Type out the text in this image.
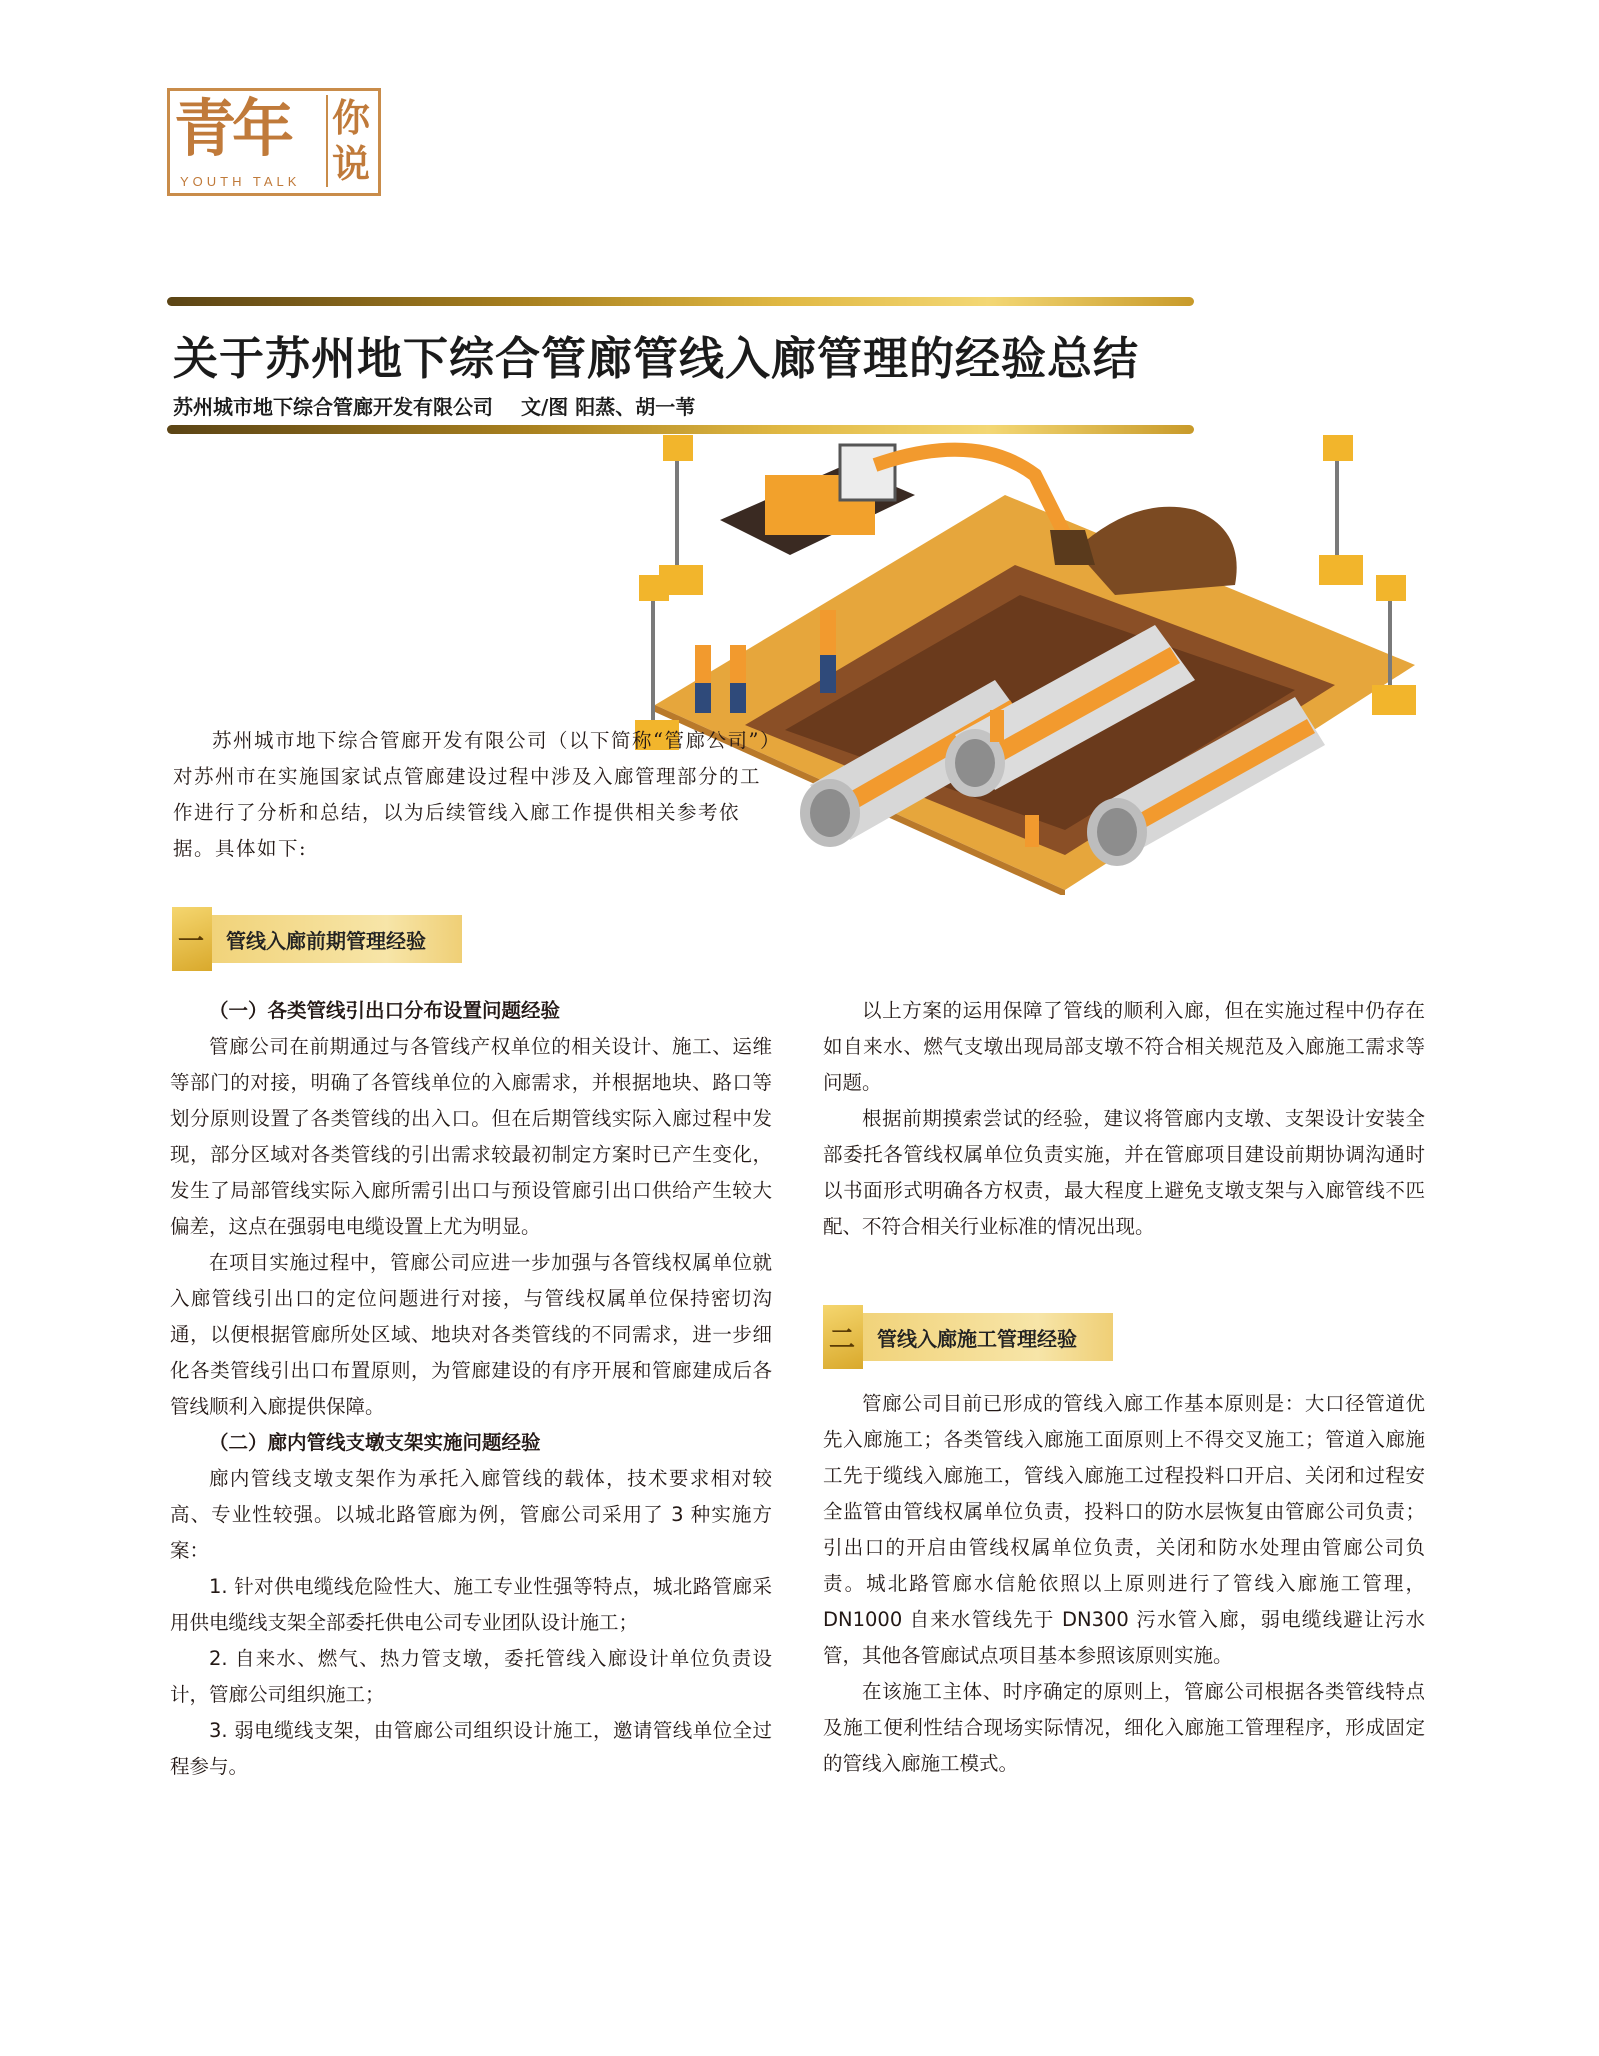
青年 你
说
YOUTH TALK
关于苏州地下综合管廊管线入廊管理的经验总结
苏州城市地下综合管廊开发有限公司 文/图 阳蒸、胡一苇

苏州城市地下综合管廊开发有限公司（以下简称“管廊公司”）对苏州市在实施国家试点管廊建设过程中涉及入廊管理部分的工作进行了分析和总结，以为后续管线入廊工作提供相关参考依据。具体如下:

一 管线入廊前期管理经验

（一）各类管线引出口分布设置问题经验

管廊公司在前期通过与各管线产权单位的相关设计、施工、运维等部门的对接，明确了各管线单位的入廊需求，并根据地块、路口等划分原则设置了各类管线的出入口。但在后期管线实际入廊过程中发现，部分区域对各类管线的引出需求较最初制定方案时已产生变化，发生了局部管线实际入廊所需引出口与预设管廊引出口供给产生较大偏差，这点在强弱电电缆设置上尤为明显。

在项目实施过程中，管廊公司应进一步加强与各管线权属单位就入廊管线引出口的定位问题进行对接，与管线权属单位保持密切沟通，以便根据管廊所处区域、地块对各类管线的不同需求，进一步细化各类管线引出口布置原则，为管廊建设的有序开展和管廊建成后各管线顺利入廊提供保障。

（二）廊内管线支墩支架实施问题经验

廊内管线支墩支架作为承托入廊管线的载体，技术要求相对较高、专业性较强。以城北路管廊为例，管廊公司采用了 3 种实施方案：

1. 针对供电缆线危险性大、施工专业性强等特点，城北路管廊采用供电缆线支架全部委托供电公司专业团队设计施工；

2. 自来水、燃气、热力管支墩，委托管线入廊设计单位负责设计，管廊公司组织施工；

3. 弱电缆线支架，由管廊公司组织设计施工，邀请管线单位全过程参与。

以上方案的运用保障了管线的顺利入廊，但在实施过程中仍存在如自来水、燃气支墩出现局部支墩不符合相关规范及入廊施工需求等问题。

根据前期摸索尝试的经验，建议将管廊内支墩、支架设计安装全部委托各管线权属单位负责实施，并在管廊项目建设前期协调沟通时以书面形式明确各方权责，最大程度上避免支墩支架与入廊管线不匹配、不符合相关行业标准的情况出现。

二 管线入廊施工管理经验

管廊公司目前已形成的管线入廊工作基本原则是：大口径管道优先入廊施工；各类管线入廊施工面原则上不得交叉施工；管道入廊施工先于缆线入廊施工，管线入廊施工过程投料口开启、关闭和过程安全监管由管线权属单位负责，投料口的防水层恢复由管廊公司负责；引出口的开启由管线权属单位负责，关闭和防水处理由管廊公司负责。城北路管廊水信舱依照以上原则进行了管线入廊施工管理，DN1000 自来水管线先于 DN300 污水管入廊，弱电缆线避让污水管，其他各管廊试点项目基本参照该原则实施。

在该施工主体、时序确定的原则上，管廊公司根据各类管线特点及施工便利性结合现场实际情况，细化入廊施工管理程序，形成固定的管线入廊施工模式。
